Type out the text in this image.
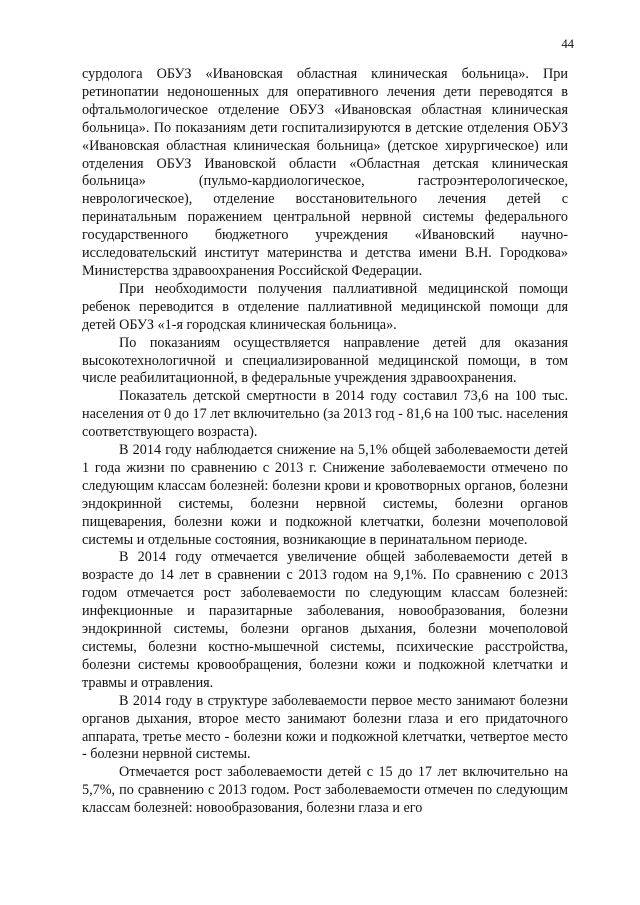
44

сурдолога ОБУЗ «Ивановская областная клиническая больница». При ретинопатии недоношенных для оперативного лечения дети переводятся в офтальмологическое отделение ОБУЗ «Ивановская областная клиническая больница». По показаниям дети госпитализируются в детские отделения ОБУЗ «Ивановская областная клиническая больница» (детское хирургическое) или отделения ОБУЗ Ивановской области «Областная детская клиническая больница» (пульмо-кардиологическое, гастроэнтерологическое, неврологическое), отделение восстановительного лечения детей с перинатальным поражением центральной нервной системы федерального государственного бюджетного учреждения «Ивановский научно-исследовательский институт материнства и детства имени В.Н. Городкова» Министерства здравоохранения Российской Федерации.

При необходимости получения паллиативной медицинской помощи ребенок переводится в отделение паллиативной медицинской помощи для детей ОБУЗ «1-я городская клиническая больница».

По показаниям осуществляется направление детей для оказания высокотехнологичной и специализированной медицинской помощи, в том числе реабилитационной, в федеральные учреждения здравоохранения.

Показатель детской смертности в 2014 году составил 73,6 на 100 тыс. населения от 0 до 17 лет включительно (за 2013 год - 81,6 на 100 тыс. населения соответствующего возраста).

В 2014 году наблюдается снижение на 5,1% общей заболеваемости детей 1 года жизни по сравнению с 2013 г. Снижение заболеваемости отмечено по следующим классам болезней: болезни крови и кровотворных органов, болезни эндокринной системы, болезни нервной системы, болезни органов пищеварения, болезни кожи и подкожной клетчатки, болезни мочеполовой системы и отдельные состояния, возникающие в перинатальном периоде.

В 2014 году отмечается увеличение общей заболеваемости детей в возрасте до 14 лет в сравнении с 2013 годом на 9,1%. По сравнению с 2013 годом отмечается рост заболеваемости по следующим классам болезней: инфекционные и паразитарные заболевания, новообразования, болезни эндокринной системы, болезни органов дыхания, болезни мочеполовой системы, болезни костно-мышечной системы, психические расстройства, болезни системы кровообращения, болезни кожи и подкожной клетчатки и травмы и отравления.

В 2014 году в структуре заболеваемости первое место занимают болезни органов дыхания, второе место занимают болезни глаза и его придаточного аппарата, третье место - болезни кожи и подкожной клетчатки, четвертое место - болезни нервной системы.

Отмечается рост заболеваемости детей с 15 до 17 лет включительно на 5,7%, по сравнению с 2013 годом. Рост заболеваемости отмечен по следующим классам болезней: новообразования, болезни глаза и его
